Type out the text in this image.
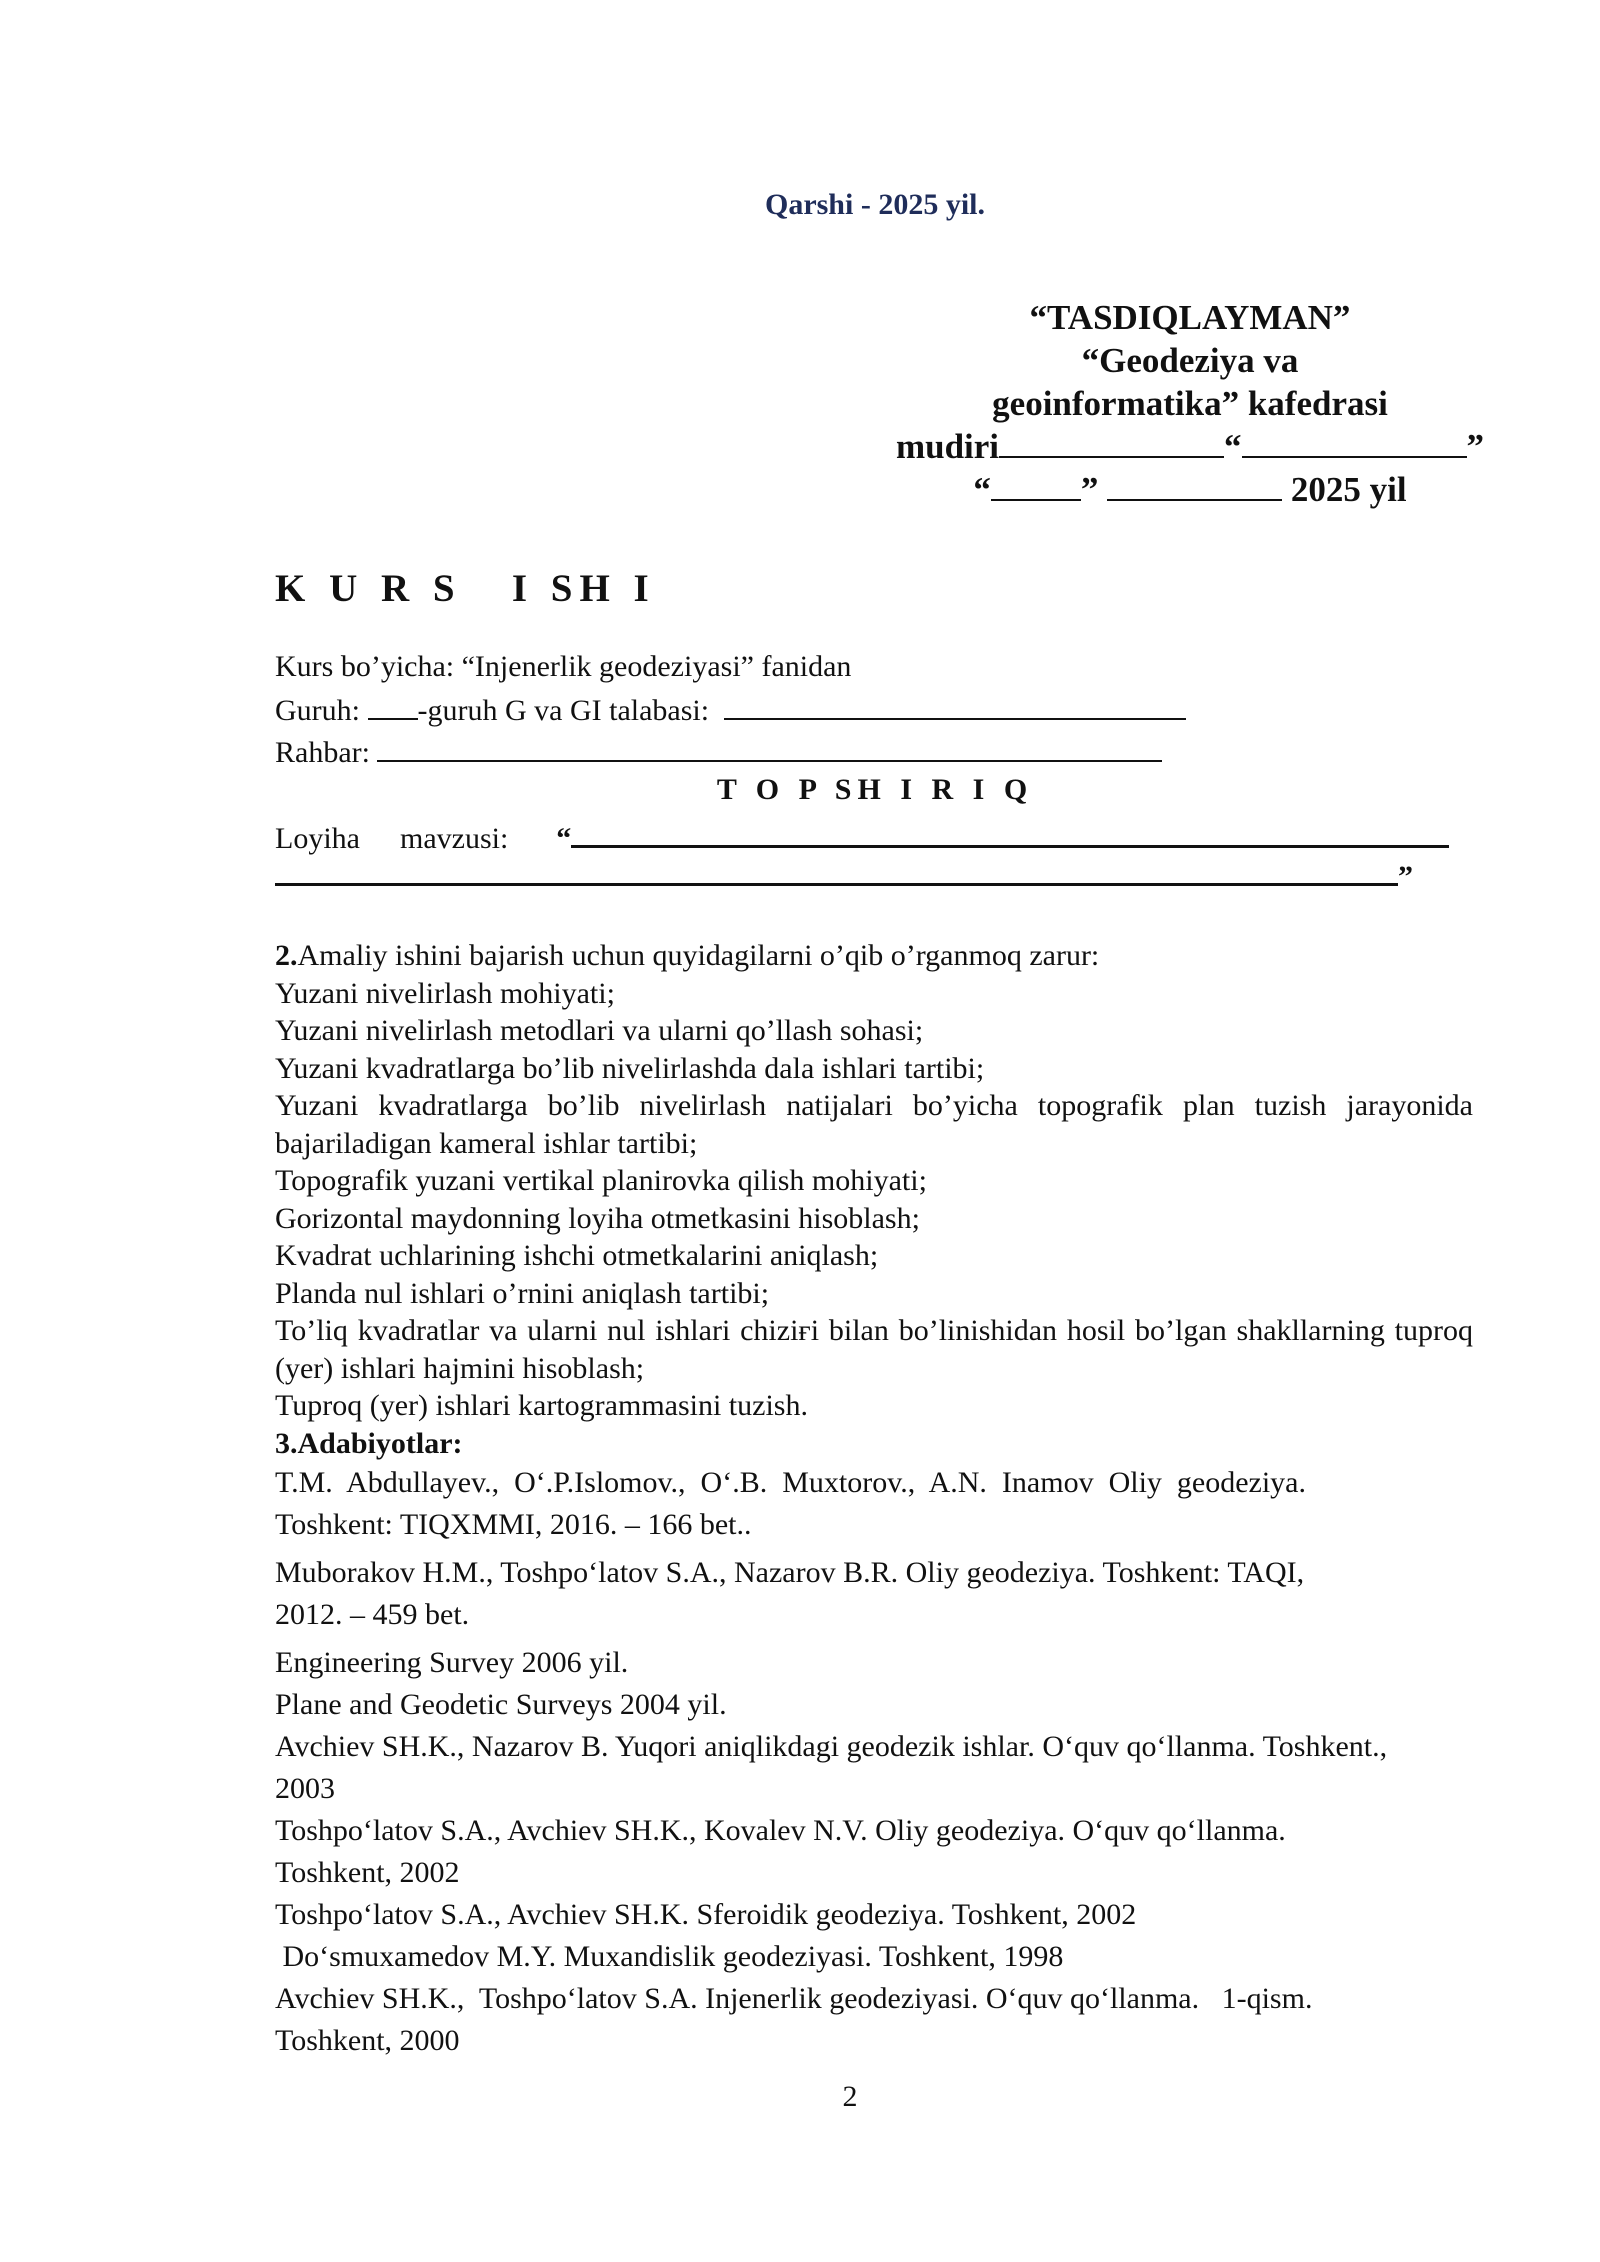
Qarshi - 2025 yil.
“TASDIQLAYMAN”
“Geodeziya va
geoinformatika” kafedrasi
mudiri	“	”
“	”	2025 yil
K U R S   I SH I
Kurs bo’yicha: “Injenerlik geodeziyasi” fanidan
Guruh: -guruh G va GI talabasi:
Rahbar:
T O P SH I R I Q
Loyiha mavzusi: “
”

2.Amaliy ishini bajarish uchun quyidagilarni o’qib o’rganmoq zarur:

Yuzani nivelirlash mohiyati;

Yuzani nivelirlash metodlari va ularni qo’llash sohasi;

Yuzani kvadratlarga bo’lib nivelirlashda dala ishlari tartibi;

Yuzani kvadratlarga bo’lib nivelirlash natijalari bo’yicha topografik plan tuzish jarayonida bajariladigan kameral ishlar tartibi;

Topografik yuzani vertikal planirovka qilish mohiyati;

Gorizontal maydonning loyiha otmetkasini hisoblash;

Kvadrat uchlarining ishchi otmetkalarini aniqlash;

Planda nul ishlari o’rnini aniqlash tartibi;

To’liq kvadratlar va ularni nul ishlari chiziғi bilan bo’linishidan hosil bo’lgan shakllarning tuproq (yer) ishlari hajmini hisoblash;

Tuproq (yer) ishlari kartogrammasini tuzish.

3.Adabiyotlar:

T.M.  Abdullayev.,  O‘.P.Islomov.,  O‘.B.  Muxtorov.,  A.N.  Inamov  Oliy  geodeziya.

Toshkent: TIQXMMI, 2016. – 166 bet..

Muborakov H.M., Toshpo‘latov S.A., Nazarov B.R. Oliy geodeziya. Toshkent: TAQI,

2012. – 459 bet.

Engineering Survey 2006 yil.

Plane and Geodetic Surveys 2004 yil.

Avchiev SH.K., Nazarov B. Yuqori aniqlikdagi geodezik ishlar. O‘quv qo‘llanma. Toshkent.,

2003

Toshpo‘latov S.A., Avchiev SH.K., Kovalev N.V. Oliy geodeziya. O‘quv qo‘llanma.

Toshkent, 2002

Toshpo‘latov S.A., Avchiev SH.K. Sferoidik geodeziya. Toshkent, 2002

Do‘smuxamedov M.Y. Muxandislik geodeziyasi. Toshkent, 1998

Avchiev SH.K.,  Toshpo‘latov S.A. Injenerlik geodeziyasi. O‘quv qo‘llanma.   1-qism.

Toshkent, 2000

2
